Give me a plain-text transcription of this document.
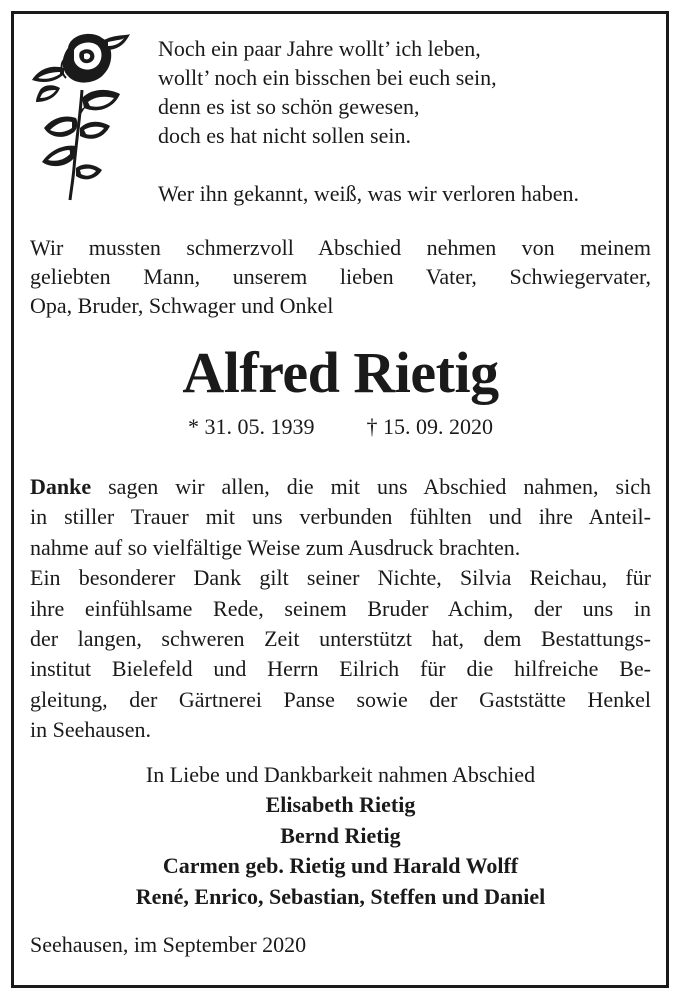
Noch ein paar Jahre wollt’ ich leben,
wollt’ noch ein bisschen bei euch sein,
denn es ist so schön gewesen,
doch es hat nicht sollen sein.
Wer ihn gekannt, weiß, was wir verloren haben.
Wir mussten schmerzvoll Abschied nehmen von meinem
geliebten Mann, unserem lieben Vater, Schwiegervater,
Opa, Bruder, Schwager und Onkel
Alfred Rietig
* 31. 05. 1939 † 15. 09. 2020
Danke sagen wir allen, die mit uns Abschied nahmen, sich
in stiller Trauer mit uns verbunden fühlten und ihre Anteil-
nahme auf so vielfältige Weise zum Ausdruck brachten.
Ein besonderer Dank gilt seiner Nichte, Silvia Reichau, für
ihre einfühlsame Rede, seinem Bruder Achim, der uns in
der langen, schweren Zeit unterstützt hat, dem Bestattungs-
institut Bielefeld und Herrn Eilrich für die hilfreiche Be-
gleitung, der Gärtnerei Panse sowie der Gaststätte Henkel
in Seehausen.
In Liebe und Dankbarkeit nahmen Abschied
Elisabeth Rietig
Bernd Rietig
Carmen geb. Rietig und Harald Wolff
René, Enrico, Sebastian, Steffen und Daniel
Seehausen, im September 2020
